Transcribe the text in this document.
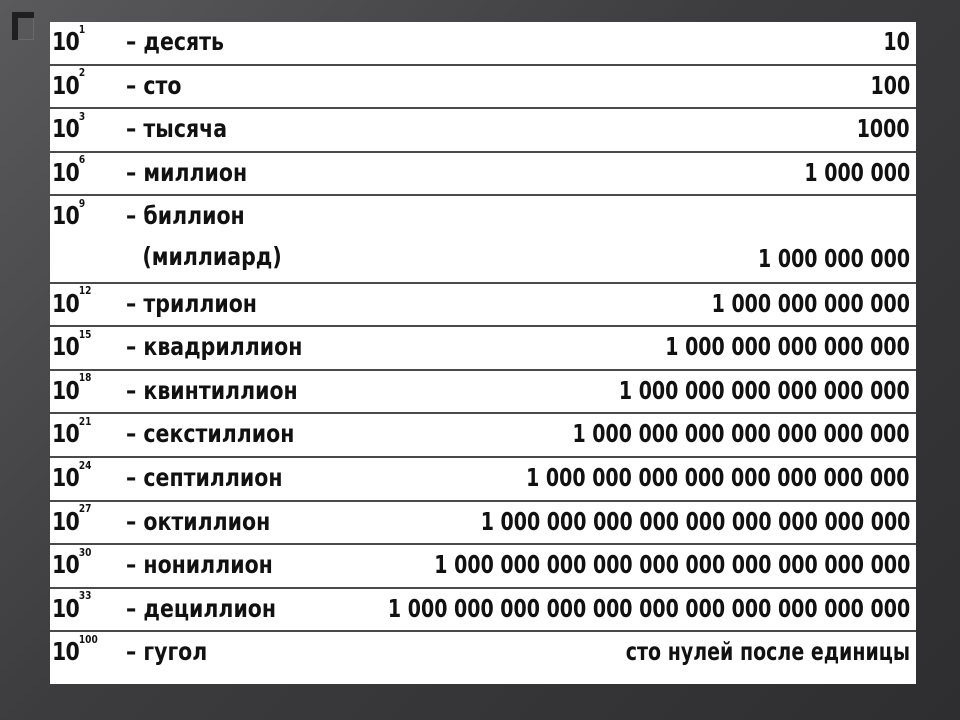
$10^1$ – десять	10
$10^2$ – сто	100
$10^3$ – тысяча	1000
$10^6$ – миллион	1 000 000
$10^9$ – биллион
(миллиард)	1 000 000 000
$10^{12}$ – триллион	1 000 000 000 000
$10^{15}$ – квадриллион	1 000 000 000 000 000
$10^{18}$ – квинтиллион	1 000 000 000 000 000 000
$10^{21}$ – секстиллион	1 000 000 000 000 000 000 000
$10^{24}$ – септиллион	1 000 000 000 000 000 000 000 000
$10^{27}$ – октиллион	1 000 000 000 000 000 000 000 000 000
$10^{30}$ – нониллион	1 000 000 000 000 000 000 000 000 000 000
$10^{33}$ – дециллион	1 000 000 000 000 000 000 000 000 000 000 000
$10^{100}$ – гугол	сто нулей после единицы
